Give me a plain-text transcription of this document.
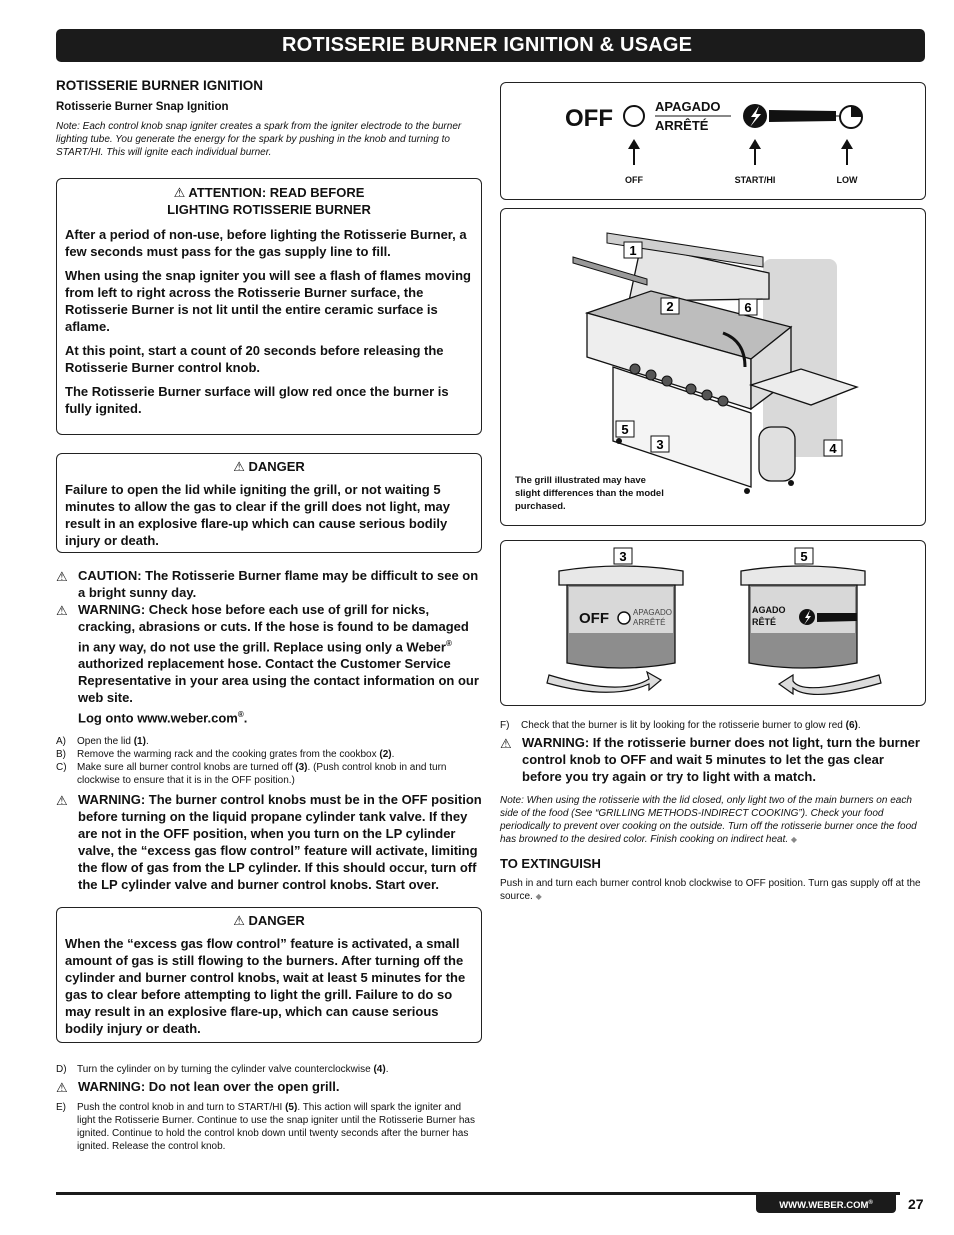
ROTISSERIE BURNER IGNITION & USAGE
ROTISSERIE BURNER IGNITION
Rotisserie Burner Snap Ignition

Note: Each control knob snap igniter creates a spark from the igniter electrode to the burner lighting tube. You generate the energy for the spark by pushing in the knob and turning to START/HI. This will ignite each individual burner.

⚠ ATTENTION: READ BEFORE
LIGHTING ROTISSERIE BURNER

After a period of non-use, before lighting the Rotisserie Burner, a few seconds must pass for the gas supply line to fill.

When using the snap igniter you will see a flash of flames moving from left to right across the Rotisserie Burner surface, the Rotisserie Burner is not lit until the entire ceramic surface is aflame.

At this point, start a count of 20 seconds before releasing the Rotisserie Burner control knob.

The Rotisserie Burner surface will glow red once the burner is fully ignited.

⚠ DANGER

Failure to open the lid while igniting the grill, or not waiting 5 minutes to allow the gas to clear if the grill does not light, may result in an explosive flare-up which can cause serious bodily injury or death.

⚠ CAUTION: The Rotisserie Burner flame may be difficult to see on a bright sunny day.
⚠ WARNING: Check hose before each use of grill for nicks, cracking, abrasions or cuts. If the hose is found to be damaged in any way, do not use the grill. Replace using only a Weber® authorized replacement hose. Contact the Customer Service Representative in your area using the contact information on our web site.
Log onto www.weber.com®.
A) Open the lid (1).
B) Remove the warming rack and the cooking grates from the cookbox (2).
C) Make sure all burner control knobs are turned off (3). (Push control knob in and turn clockwise to ensure that it is in the OFF position.)
⚠ WARNING: The burner control knobs must be in the OFF position before turning on the liquid propane cylinder tank valve. If they are not in the OFF position, when you turn on the LP cylinder valve, the “excess gas flow control” feature will activate, limiting the flow of gas from the LP cylinder. If this should occur, turn off the LP cylinder valve and burner control knobs. Start over.
⚠ DANGER

When the “excess gas flow control” feature is activated, a small amount of gas is still flowing to the burners. After turning off the cylinder and burner control knobs, wait at least 5 minutes for the gas to clear before attempting to light the grill. Failure to do so may result in an explosive flare-up, which can cause serious bodily injury or death.

D) Turn the cylinder on by turning the cylinder valve counterclockwise (4).
⚠ WARNING: Do not lean over the open grill.
E) Push the control knob in and turn to START/HI (5). This action will spark the igniter and light the Rotisserie Burner. Continue to use the snap igniter until the Rotisserie Burner has ignited. Continue to hold the control knob down until twenty seconds after the burner has ignited. Release the control knob.
OFF	APAGADO
ARRÊTÉ
OFF	START/HI	LOW
1
2	6
5
3	4
The grill illustrated may have slight differences than the model purchased.
3	5
OFF	APAGADO
ARRÊTÉ
AGADO
RÊTÉ
F) Check that the burner is lit by looking for the rotisserie burner to glow red (6).
⚠ WARNING: If the rotisserie burner does not light, turn the burner control knob to OFF and wait 5 minutes to let the gas clear before you try again or try to light with a match.

Note: When using the rotisserie with the lid closed, only light two of the main burners on each side of the food (See “GRILLING METHODS-INDIRECT COOKING”). Check your food periodically to prevent over cooking on the outside. Turn off the rotisserie burner once the food has browned to the desired color. Finish cooking on indirect heat. ◆

TO EXTINGUISH

Push in and turn each burner control knob clockwise to OFF position. Turn gas supply off at the source. ◆

WWW.WEBER.COM®	27
